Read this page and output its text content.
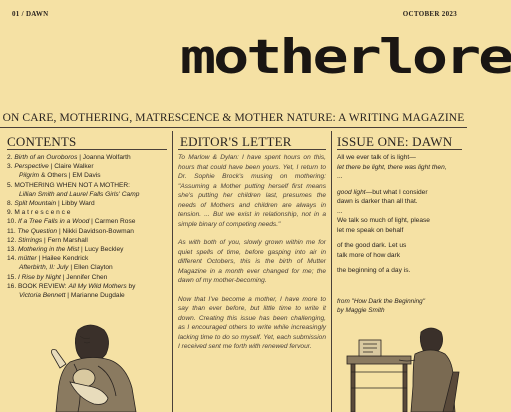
01 / DAWN	OCTOBER 2023
motherlore
ON CARE, MOTHERING, MATRESCENCE & MOTHER NATURE: A WRITING MAGAZINE
CONTENTS	EDITOR'S LETTER	ISSUE ONE: DAWN
2. Birth of an Ouroboros | Joanna Wolfarth
3. Perspective | Claire Walker
Pilgrim & Others | EM Davis
5. MOTHERING WHEN NOT A MOTHER:
Lillian Smith and Laurel Falls Girls' Camp
8. Split Mountain | Libby Ward
9. M a t r e s c e n c e
10. If a Tree Falls in a Wood | Carmen Rose
11. The Question | Nikki Davidson-Bowman
12. Stirrings | Fern Marshall
13. Mothering in the Mist | Lucy Beckley
14. mütter | Hailee Kendrick
Afterbirth, II: July | Ellen Clayton
15. I Rise by Night | Jennifer Chen
16. BOOK REVIEW: All My Wild Mothers by
Victoria Bennett | Marianne Dugdale

To Marlow & Dylan: I have spent hours on this, hours that could have been yours. Yet, I return to Dr. Sophie Brock's musing on mothering: "Assuming a Mother putting herself first means she's putting her children last, presumes the needs of Mothers and children are always in tension. ... But we exist in relationship, not in a simple binary of competing needs."

As with both of you, slowly grown within me for quiet spells of time, before gasping into air in different Octobers, this is the birth of Mutter Magazine in a month ever changed for me; the dawn of my mother-becoming.

Now that I've become a mother, I have more to say than ever before, but little time to write it down. Creating this issue has been challenging, as I encouraged others to write while increasingly lacking time to do so myself. Yet, each submission I received sent me forth with renewed fervour.

All we ever talk of is light—
let there be light, there was light then,
...
good light—but what I consider
dawn is darker than all that.
...
We talk so much of light, please
let me speak on behalf
of the good dark. Let us
talk more of how dark
the beginning of a day is.
from "How Dark the Beginning"
by Maggie Smith
